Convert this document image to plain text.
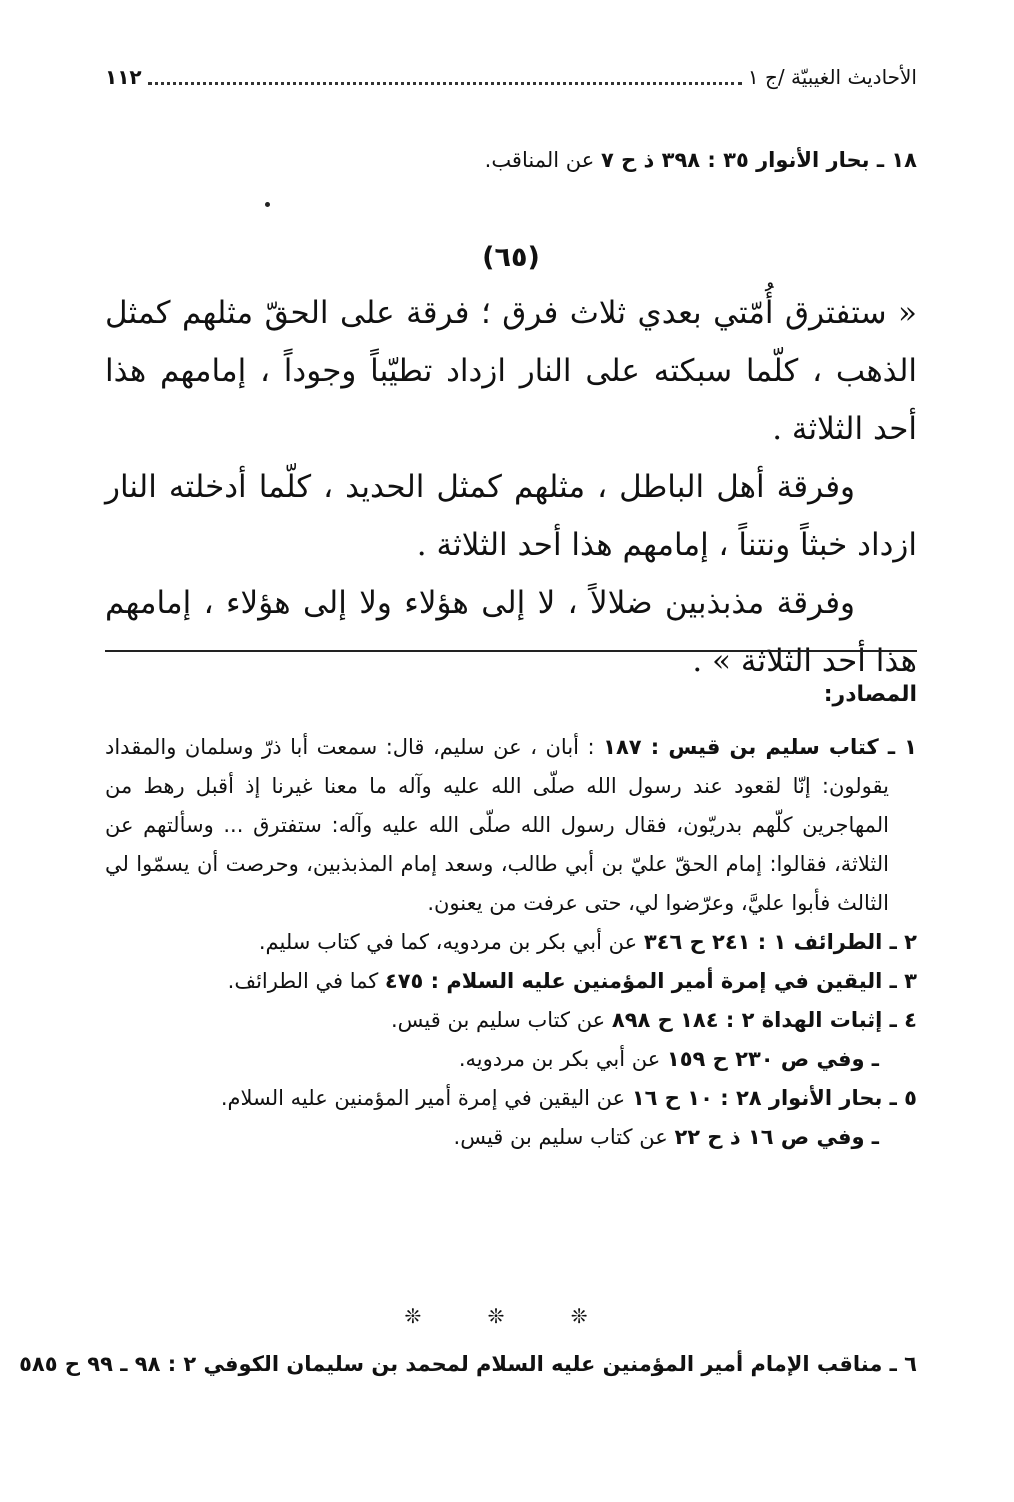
الأحاديث الغيبيّة /ج ١
١١٢
١٨ ـ بحار الأنوار ٣٥ : ٣٩٨ ذ ح ٧ عن المناقب.
(٦٥)

« ستفترق أُمّتي بعدي ثلاث فرق ؛ فرقة على الحقّ مثلهم كمثل الذهب ، كلّما سبكته على النار ازداد تطيّباً وجوداً ، إمامهم هذا أحد الثلاثة .

وفرقة أهل الباطل ، مثلهم كمثل الحديد ، كلّما أدخلته النار ازداد خبثاً ونتناً ، إمامهم هذا أحد الثلاثة .

وفرقة مذبذبين ضلالاً ، لا إلى هؤلاء ولا إلى هؤلاء ، إمامهم هذا أحد الثلاثة » .

المصادر:

١ ـ كتاب سليم بن قيس : ١٨٧ : أبان ، عن سليم، قال: سمعت أبا ذرّ وسلمان والمقداد يقولون: إنّا لقعود عند رسول الله صلّى الله عليه وآله ما معنا غيرنا إذ أقبل رهط من المهاجرين كلّهم بدريّون، فقال رسول الله صلّى الله عليه وآله: ستفترق ... وسألتهم عن الثلاثة، فقالوا: إمام الحقّ عليّ بن أبي طالب، وسعد إمام المذبذبين، وحرصت أن يسمّوا لي الثالث فأبوا عليَّ، وعرّضوا لي، حتى عرفت من يعنون.

٢ ـ الطرائف ١ : ٢٤١ ح ٣٤٦ عن أبي بكر بن مردويه، كما في كتاب سليم.

٣ ـ اليقين في إمرة أمير المؤمنين عليه السلام : ٤٧٥ كما في الطرائف.

٤ ـ إثبات الهداة ٢ : ١٨٤ ح ٨٩٨ عن كتاب سليم بن قيس.

ـ وفي ص ٢٣٠ ح ١٥٩ عن أبي بكر بن مردويه.

٥ ـ بحار الأنوار ٢٨ : ١٠ ح ١٦ عن اليقين في إمرة أمير المؤمنين عليه السلام.

ـ وفي ص ١٦ ذ ح ٢٢ عن كتاب سليم بن قيس.

❊ ❊ ❊
٦ ـ مناقب الإمام أمير المؤمنين عليه السلام لمحمد بن سليمان الكوفي ٢ : ٩٨ ـ ٩٩ ح ٥٨٥
